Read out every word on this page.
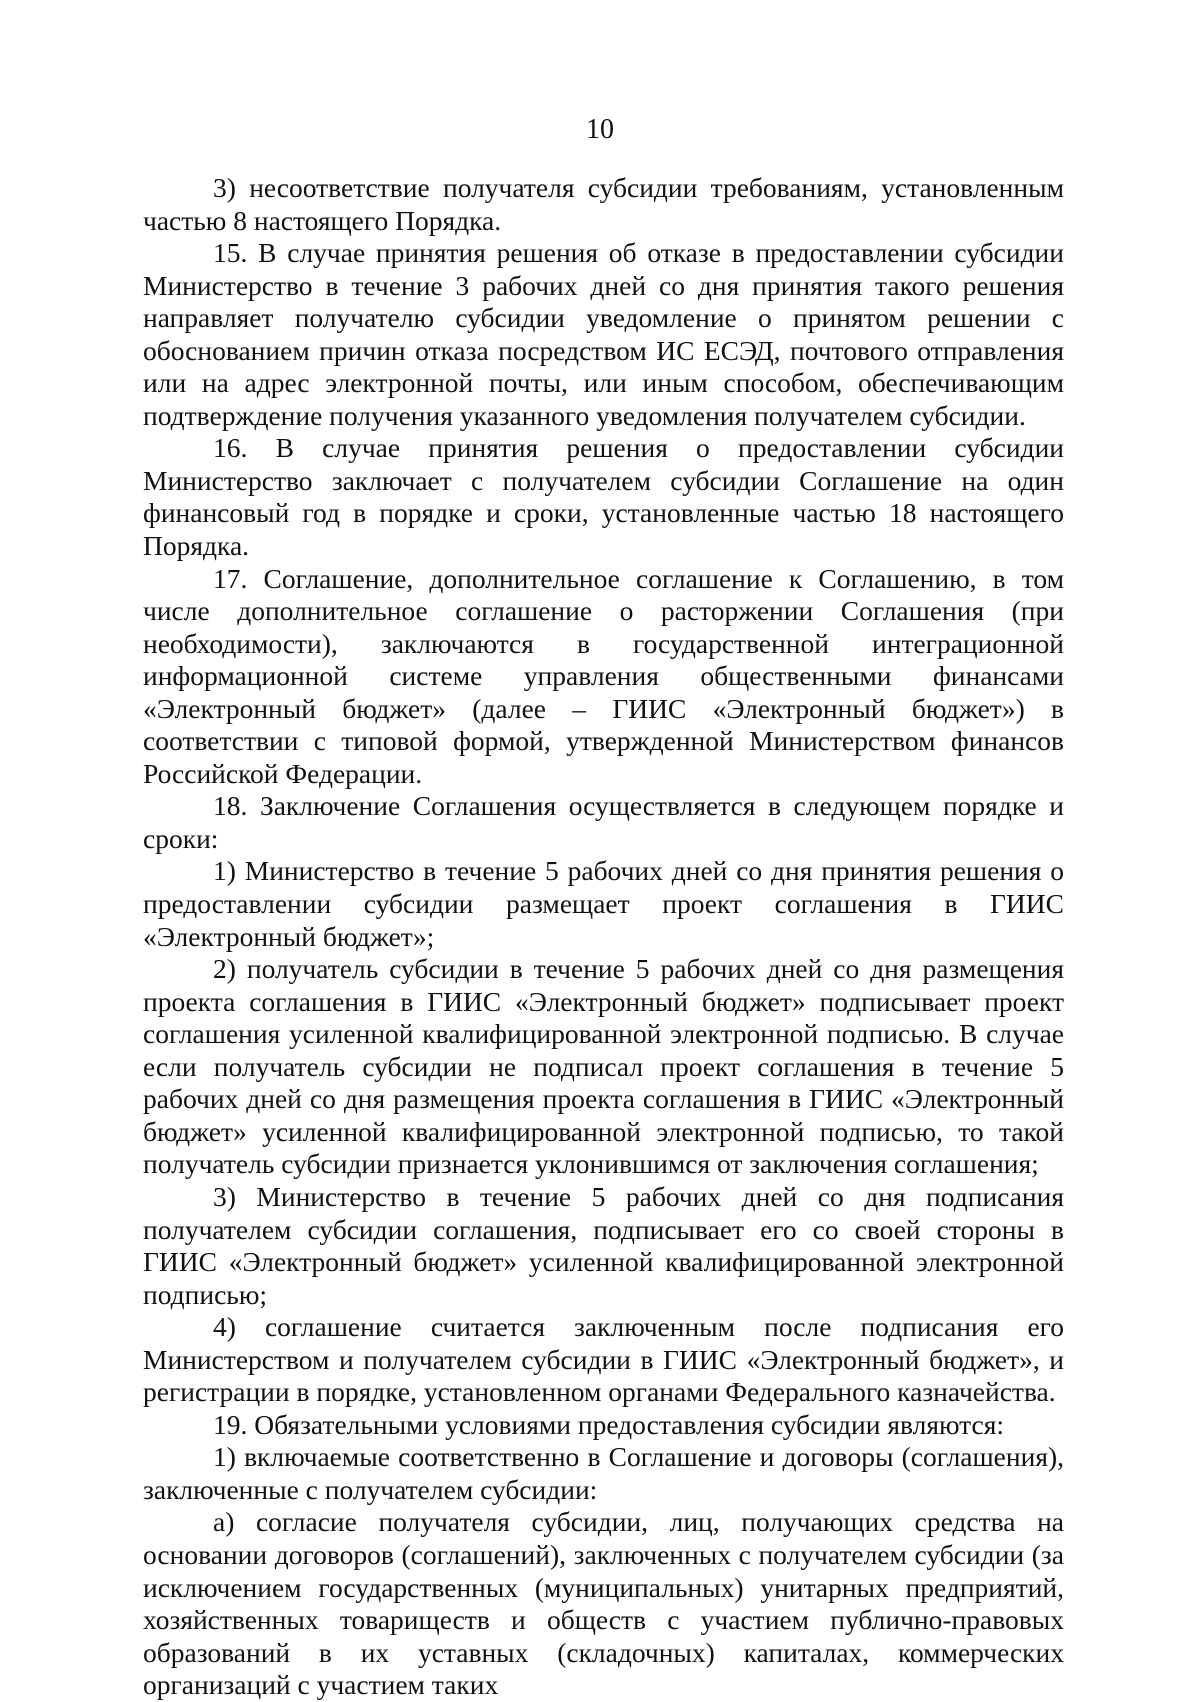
10

3) несоответствие получателя субсидии требованиям, установленным частью 8 настоящего Порядка.

15. В случае принятия решения об отказе в предоставлении субсидии Министерство в течение 3 рабочих дней со дня принятия такого решения направляет получателю субсидии уведомление о принятом решении с обоснованием причин отказа посредством ИС ЕСЭД, почтового отправления или на адрес электронной почты, или иным способом, обеспечивающим подтверждение получения указанного уведомления получателем субсидии.

16. В случае принятия решения о предоставлении субсидии Министерство заключает с получателем субсидии Соглашение на один финансовый год в порядке и сроки, установленные частью 18 настоящего Порядка.

17. Соглашение, дополнительное соглашение к Соглашению, в том числе дополнительное соглашение о расторжении Соглашения (при необходимости), заключаются в государственной интеграционной информационной системе управления общественными финансами «Электронный бюджет» (далее – ГИИС «Электронный бюджет») в соответствии с типовой формой, утвержденной Министерством финансов Российской Федерации.

18. Заключение Соглашения осуществляется в следующем порядке и сроки:

1) Министерство в течение 5 рабочих дней со дня принятия решения о предоставлении субсидии размещает проект соглашения в ГИИС «Электронный бюджет»;

2) получатель субсидии в течение 5 рабочих дней со дня размещения проекта соглашения в ГИИС «Электронный бюджет» подписывает проект соглашения усиленной квалифицированной электронной подписью. В случае если получатель субсидии не подписал проект соглашения в течение 5 рабочих дней со дня размещения проекта соглашения в ГИИС «Электронный бюджет» усиленной квалифицированной электронной подписью, то такой получатель субсидии признается уклонившимся от заключения соглашения;

3) Министерство в течение 5 рабочих дней со дня подписания получателем субсидии соглашения, подписывает его со своей стороны в ГИИС «Электронный бюджет» усиленной квалифицированной электронной подписью;

4) соглашение считается заключенным после подписания его Министерством и получателем субсидии в ГИИС «Электронный бюджет», и регистрации в порядке, установленном органами Федерального казначейства.

19. Обязательными условиями предоставления субсидии являются:

1) включаемые соответственно в Соглашение и договоры (соглашения), заключенные с получателем субсидии:

а) согласие получателя субсидии, лиц, получающих средства на основании договоров (соглашений), заключенных с получателем субсидии (за исключением государственных (муниципальных) унитарных предприятий, хозяйственных товариществ и обществ с участием публично-правовых образований в их уставных (складочных) капиталах, коммерческих организаций с участием таких
